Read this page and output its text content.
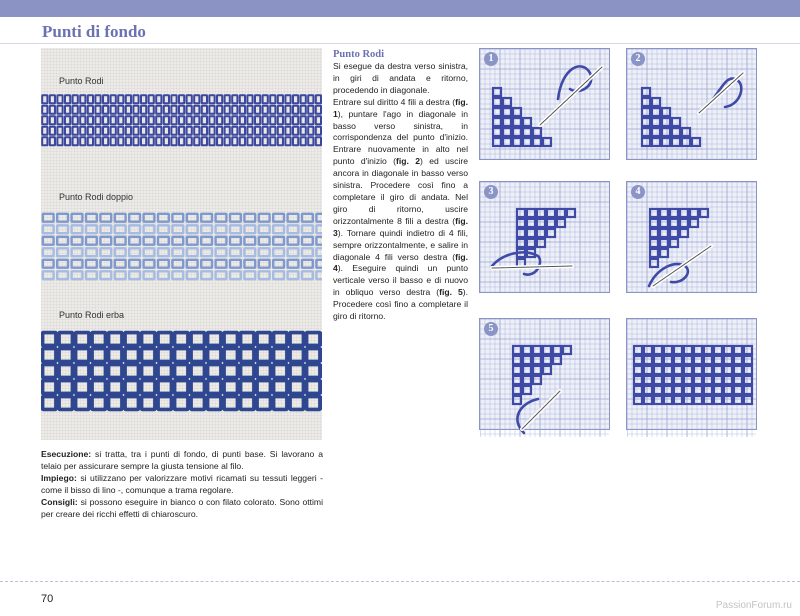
Punti di fondo
Punto Rodi
Punto Rodi doppio
Punto Rodi erba

Esecuzione: si tratta, tra i punti di fondo, di punti base. Si lavorano a telaio per assicurare sempre la giusta tensione al filo.

Impiego: si utilizzano per valorizzare motivi ricamati su tessuti leggeri - come il bisso di lino -, comunque a trama regolare.

Consigli: si possono eseguire in bianco o con filato colorato. Sono ottimi per creare dei ricchi effetti di chiaroscuro.

Punto Rodi
Si esegue da destra verso sinistra, in giri di andata e ritorno, procedendo in diagonale.
Entrare sul diritto 4 fili a destra (fig. 1), puntare l'ago in diagonale in basso verso sinistra, in corrispondenza del punto d'inizio. Entrare nuovamente in alto nel punto d'inizio (fig. 2) ed uscire ancora in diagonale in basso verso sinistra. Procedere così fino a completare il giro di andata. Nel giro di ritorno, uscire orizzontalmente 8 fili a destra (fig. 3). Tornare quindi indietro di 4 fili, sempre orizzontalmente, e salire in diagonale 4 fili verso destra (fig. 4). Eseguire quindi un punto verticale verso il basso e di nuovo in obliquo verso destra (fig. 5). Procedere così fino a completare il giro di ritorno.
1	2
3	4
5
70
PassionForum.ru
